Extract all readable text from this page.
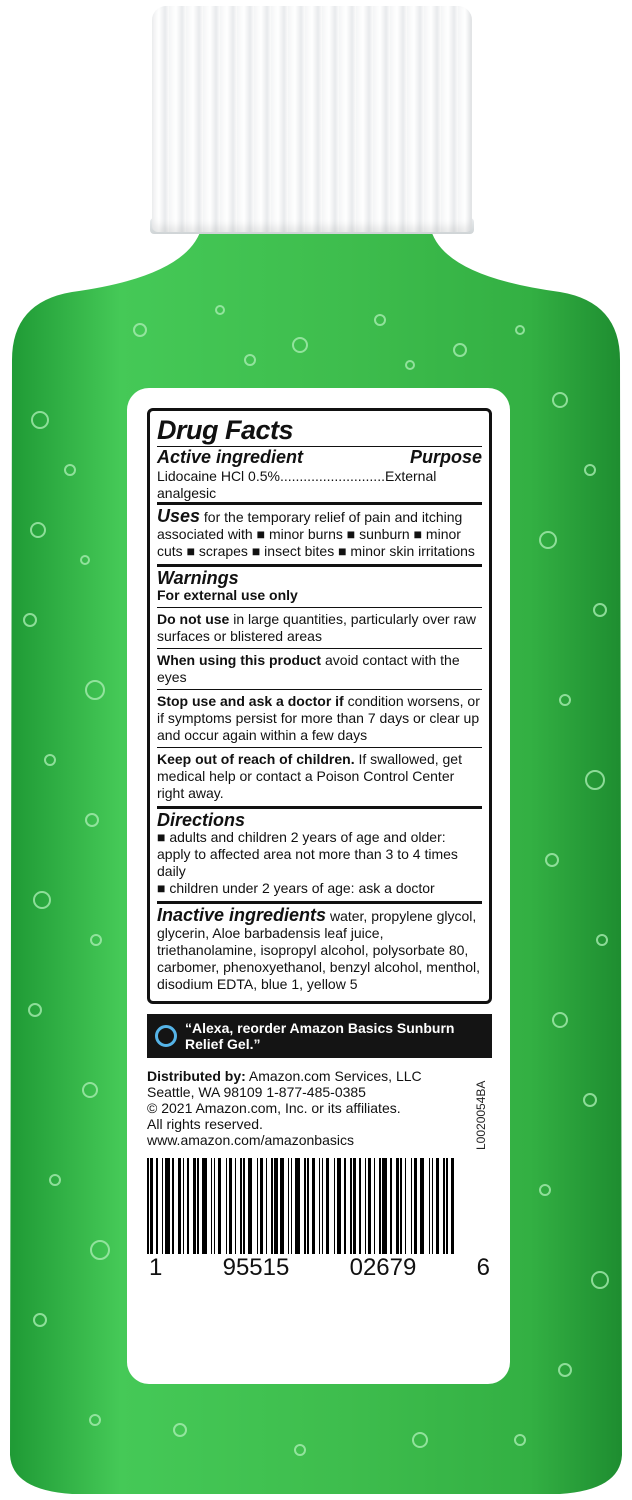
Drug Facts
Active ingredient	Purpose
Lidocaine HCl 0.5%...........................External analgesic
Uses for the temporary relief of pain and itching associated with ■ minor burns ■ sunburn ■ minor cuts ■ scrapes ■ insect bites ■ minor skin irritations
Warnings
For external use only
Do not use in large quantities, particularly over raw surfaces or blistered areas
When using this product avoid contact with the eyes
Stop use and ask a doctor if condition worsens, or if symptoms persist for more than 7 days or clear up and occur again within a few days
Keep out of reach of children. If swallowed, get medical help or contact a Poison Control Center right away.
Directions
■ adults and children 2 years of age and older: apply to affected area not more than 3 to 4 times daily
■ children under 2 years of age: ask a doctor
Inactive ingredients water, propylene glycol, glycerin, Aloe barbadensis leaf juice, triethanolamine, isopropyl alcohol, polysorbate 80, carbomer, phenoxyethanol, benzyl alcohol, menthol, disodium EDTA, blue 1, yellow 5
“Alexa, reorder Amazon Basics Sunburn Relief Gel.”
Distributed by: Amazon.com Services, LLC
Seattle, WA 98109 1-877-485-0385
© 2021 Amazon.com, Inc. or its affiliates.
All rights reserved.
www.amazon.com/amazonbasics
1	95515	02679	6
L0020054BA
